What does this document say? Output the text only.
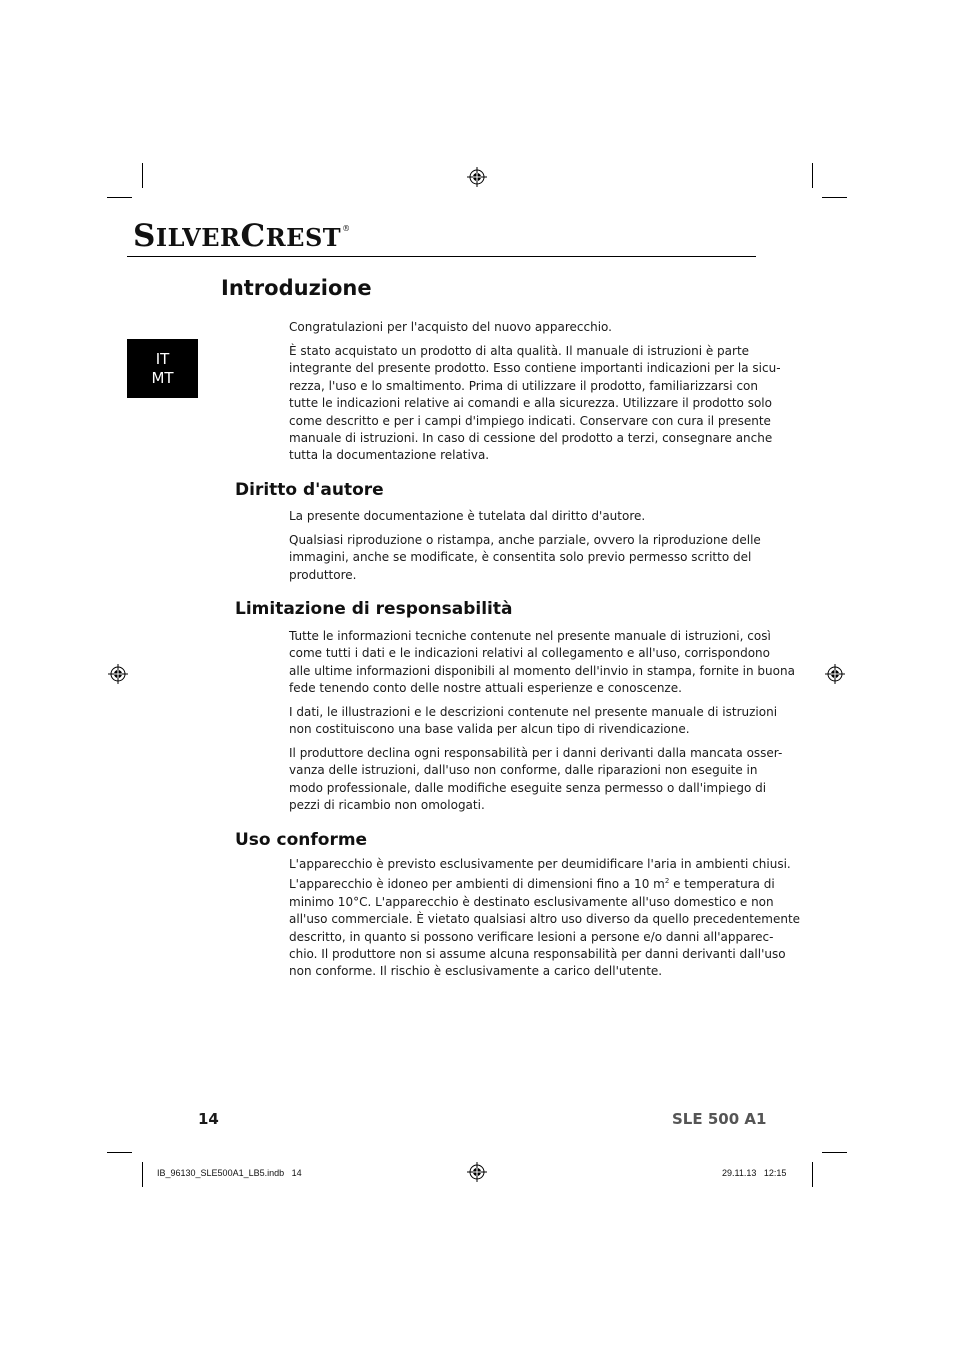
SILVERCREST®
IT
MT
Introduzione

Congratulazioni per l'acquisto del nuovo apparecchio.

È stato acquistato un prodotto di alta qualità. Il manuale di istruzioni è parte
integrante del presente prodotto. Esso contiene importanti indicazioni per la sicu-
rezza, l'uso e lo smaltimento. Prima di utilizzare il prodotto, familiarizzarsi con
tutte le indicazioni relative ai comandi e alla sicurezza. Utilizzare il prodotto solo
come descritto e per i campi d'impiego indicati. Conservare con cura il presente
manuale di istruzioni. In caso di cessione del prodotto a terzi, consegnare anche
tutta la documentazione relativa.
Diritto d'autore

La presente documentazione è tutelata dal diritto d'autore.

Qualsiasi riproduzione o ristampa, anche parziale, ovvero la riproduzione delle
immagini, anche se modificate, è consentita solo previo permesso scritto del
produttore.
Limitazione di responsabilità
Tutte le informazioni tecniche contenute nel presente manuale di istruzioni, così
come tutti i dati e le indicazioni relativi al collegamento e all'uso, corrispondono
alle ultime informazioni disponibili al momento dell'invio in stampa, fornite in buona
fede tenendo conto delle nostre attuali esperienze e conoscenze.
I dati, le illustrazioni e le descrizioni contenute nel presente manuale di istruzioni
non costituiscono una base valida per alcun tipo di rivendicazione.
Il produttore declina ogni responsabilità per i danni derivanti dalla mancata osser-
vanza delle istruzioni, dall'uso non conforme, dalle riparazioni non eseguite in
modo professionale, dalle modifiche eseguite senza permesso o dall'impiego di
pezzi di ricambio non omologati.
Uso conforme
L'apparecchio è previsto esclusivamente per deumidificare l'aria in ambienti chiusi.
L'apparecchio è idoneo per ambienti di dimensioni fino a 10 $m^2$ e temperatura di
minimo 10°C. L'apparecchio è destinato esclusivamente all'uso domestico e non
all'uso commerciale. È vietato qualsiasi altro uso diverso da quello precedentemente
descritto, in quanto si possono verificare lesioni a persone e/o danni all'apparec-
chio. Il produttore non si assume alcuna responsabilità per danni derivanti dall'uso
non conforme. Il rischio è esclusivamente a carico dell'utente.
14	SLE 500 A1
IB_96130_SLE500A1_LB5.indb   14	29.11.13   12:15
